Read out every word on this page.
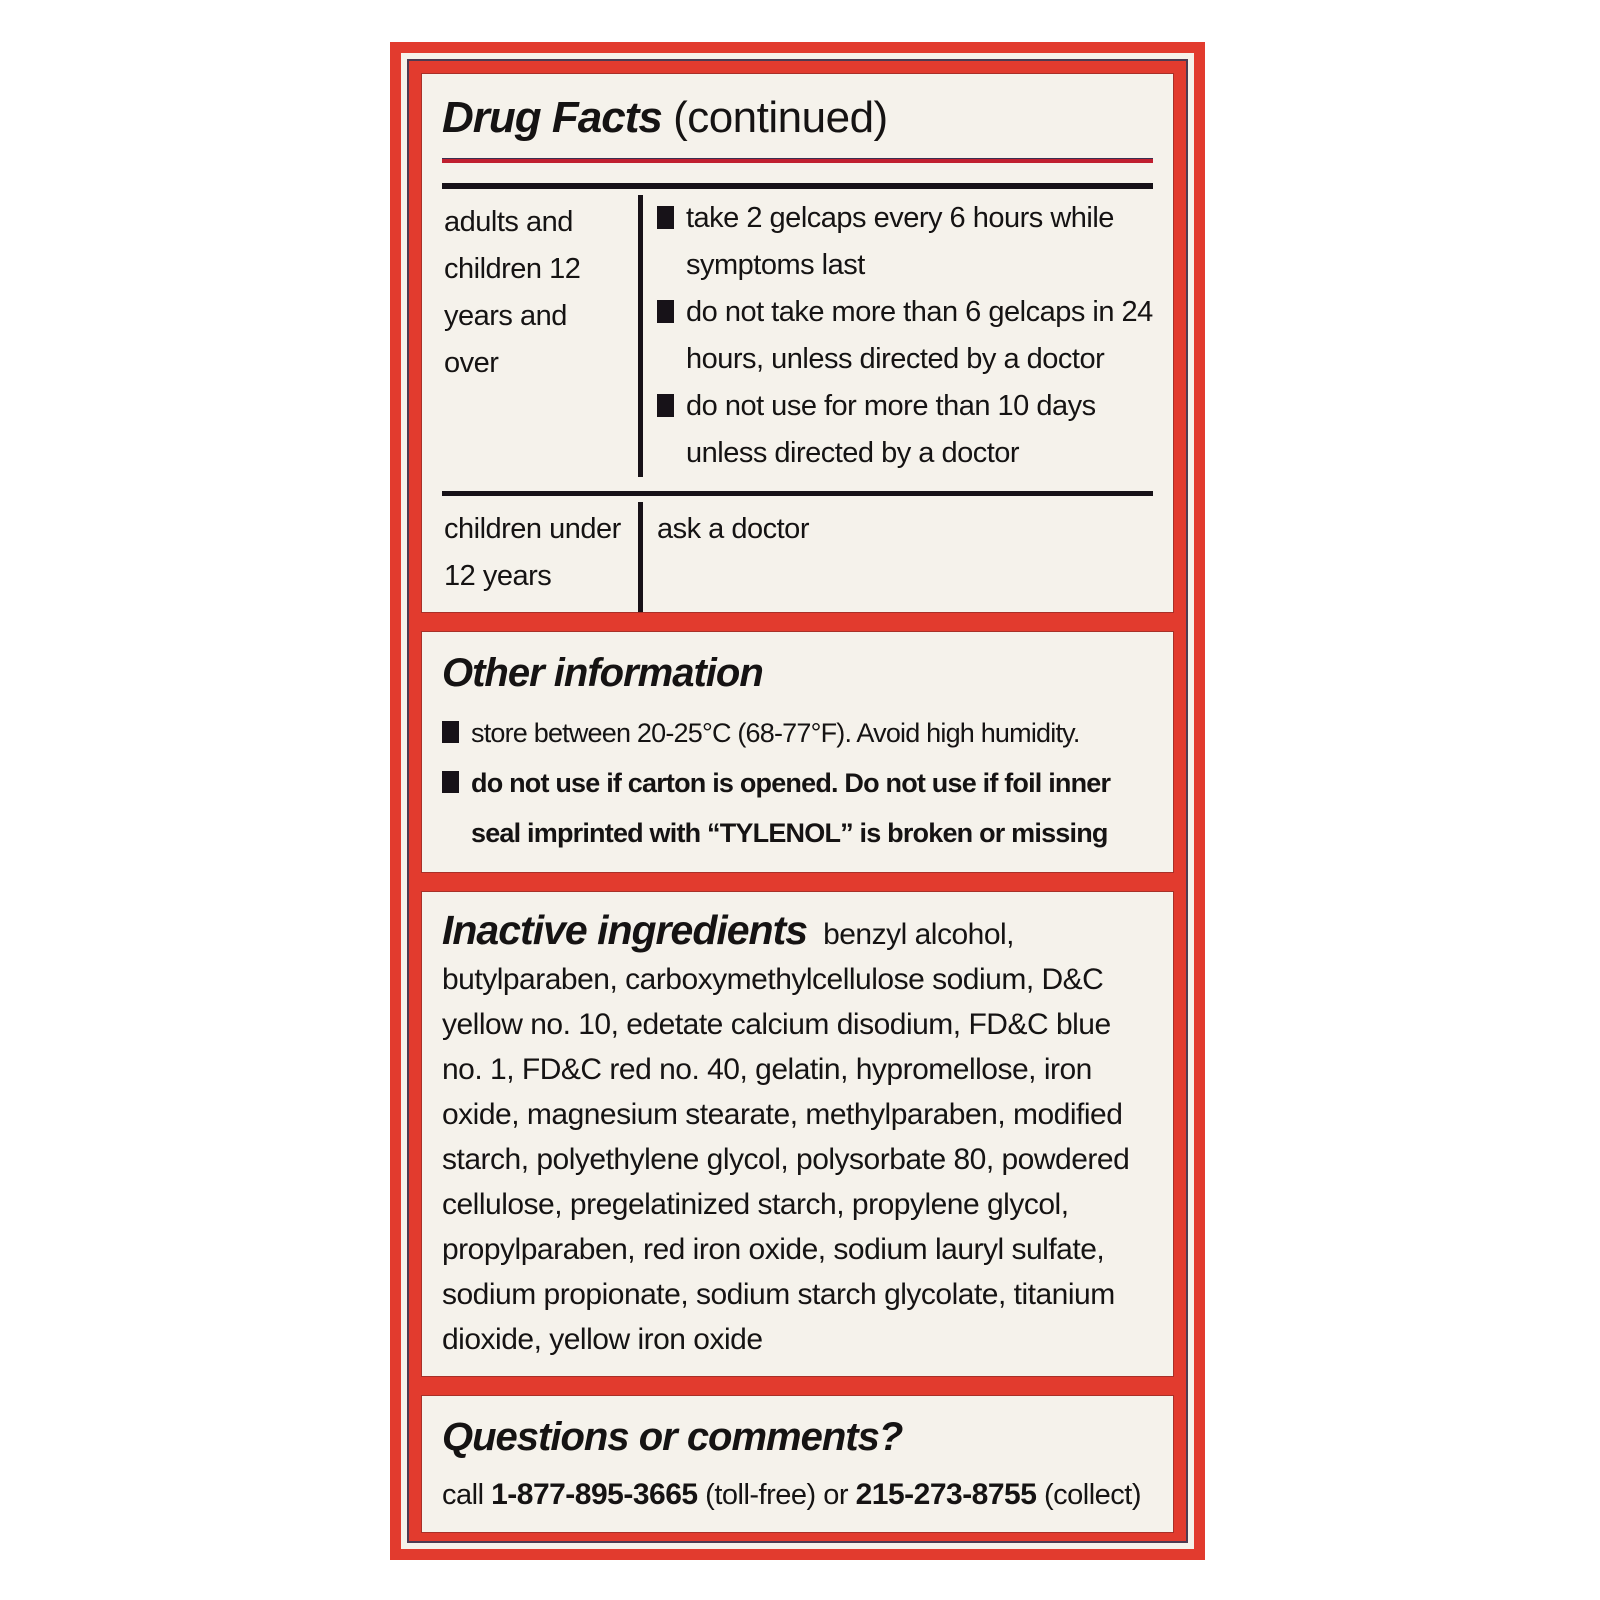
Drug Facts (continued)
adults and children 12 years and over
take 2 gelcaps every 6 hours while symptoms last
do not take more than 6 gelcaps in 24 hours, unless directed by a doctor
do not use for more than 10 days unless directed by a doctor
children under 12 years
ask a doctor
Other information
store between 20-25°C (68-77°F). Avoid high humidity.
do not use if carton is opened. Do not use if foil inner seal imprinted with “TYLENOL” is broken or missing

Inactive ingredients benzyl alcohol, butylparaben, carboxymethylcellulose sodium, D&C yellow no. 10, edetate calcium disodium, FD&C blue no. 1, FD&C red no. 40, gelatin, hypromellose, iron oxide, magnesium stearate, methylparaben, modified starch, polyethylene glycol, polysorbate 80, powdered cellulose, pregelatinized starch, propylene glycol, propylparaben, red iron oxide, sodium lauryl sulfate, sodium propionate, sodium starch glycolate, titanium dioxide, yellow iron oxide

Questions or comments?

call 1-877-895-3665 (toll-free) or 215-273-8755 (collect)
